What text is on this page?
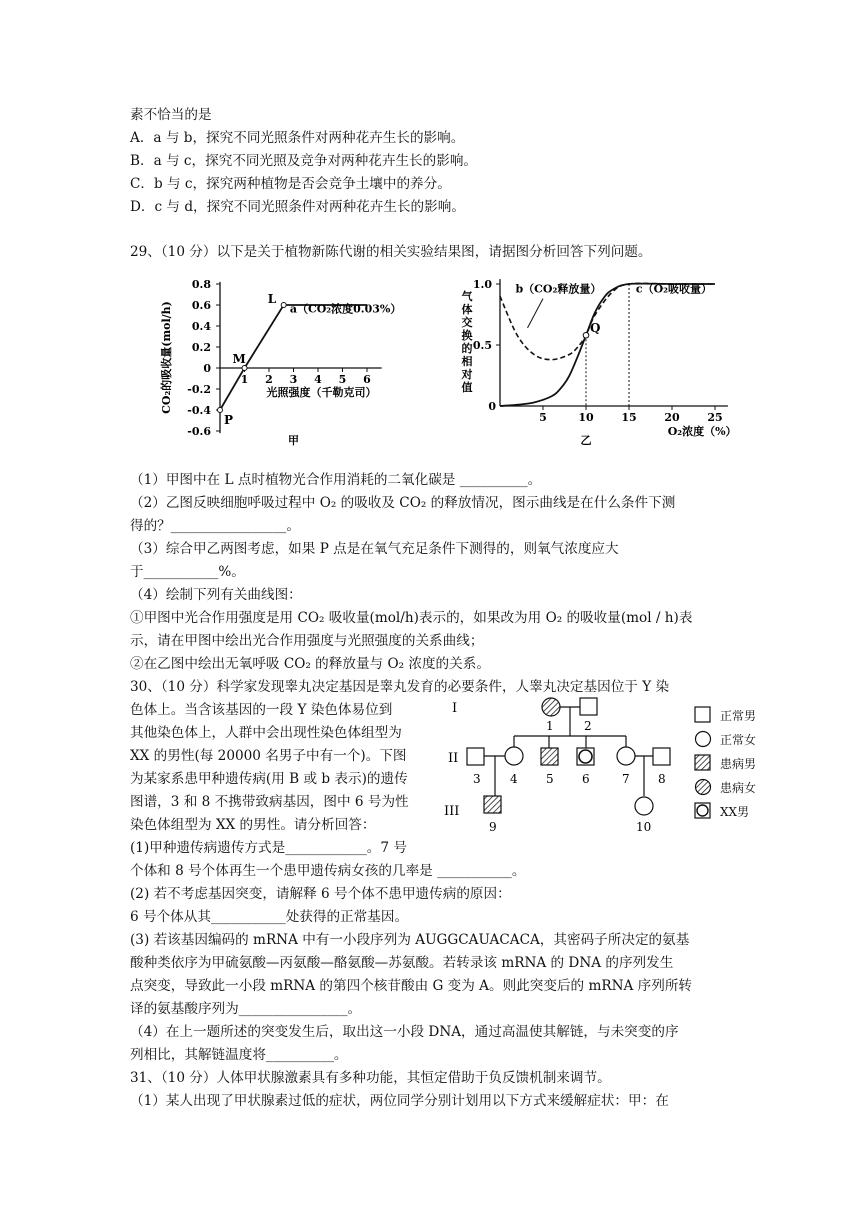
素不恰当的是
A．a 与 b，探究不同光照条件对两种花卉生长的影响。
B．a 与 c，探究不同光照及竞争对两种花卉生长的影响。
C．b 与 c，探究两种植物是否会竞争土壤中的养分。
D．c 与 d，探究不同光照条件对两种花卉生长的影响。
29、（10 分）以下是关于植物新陈代谢的相关实验结果图，请据图分析回答下列问题。
-0.6
-0.4
-0.2
0
0.2
0.4
0.6
0.8
1 2 3 4 5 6
光照强度（千勒克司）
CO₂的吸收量(mol/h)	a（CO₂浓度0.03%）
P
M
L
甲
0.5
1.0
0
5	10	15	20	25
O₂浓度（%）
气体交换的相对值
b（CO₂释放量）	c（O₂吸收量）
Q
乙
（1）甲图中在 L 点时植物光合作用消耗的二氧化碳是 __________。
（2）乙图反映细胞呼吸过程中 O₂ 的吸收及 CO₂ 的释放情况，图示曲线是在什么条件下测
得的？_________________。
（3）综合甲乙两图考虑，如果 P 点是在氧气充足条件下测得的，则氧气浓度应大
于___________%。
（4）绘制下列有关曲线图：
①甲图中光合作用强度是用 CO₂ 吸收量(mol/h)表示的，如果改为用 O₂ 的吸收量(mol / h)表
示，请在甲图中绘出光合作用强度与光照强度的关系曲线；
②在乙图中绘出无氧呼吸 CO₂ 的释放量与 O₂ 浓度的关系。
30、（10 分）科学家发现睾丸决定基因是睾丸发育的必要条件，人睾丸决定基因位于 Y 染
色体上。当含该基因的一段 Y 染色体易位到
其他染色体上，人群中会出现性染色体组型为
XX 的男性(每 20000 名男子中有一个)。下图
为某家系患甲种遗传病(用 B 或 b 表示)的遗传
图谱，3 和 8 不携带致病基因，图中 6 号为性
染色体组型为 XX 的男性。请分析回答：
(1)甲种遗传病遗传方式是____________。7 号
个体和 8 号个体再生一个患甲遗传病女孩的几率是 ___________。
(2) 若不考虑基因突变，请解释 6 号个体不患甲遗传病的原因：
6 号个体从其___________处获得的正常基因。
(3) 若该基因编码的 mRNA 中有一小段序列为 AUGGCAUACACA，其密码子所决定的氨基
酸种类依序为甲硫氨酸—丙氨酸—酪氨酸—苏氨酸。若转录该 mRNA 的 DNA 的序列发生
点突变，导致此一小段 mRNA 的第四个核苷酸由 G 变为 A。则此突变后的 mRNA 序列所转
译的氨基酸序列为________________。
（4）在上一题所述的突变发生后，取出这一小段 DNA，通过高温使其解链，与未突变的序
列相比，其解链温度将__________。
31、（10 分）人体甲状腺激素具有多种功能，其恒定借助于负反馈机制来调节。
（1）某人出现了甲状腺素过低的症状，两位同学分别计划用以下方式来缓解症状：甲：在
I
II
III
1	2
3 4 5 6	7 8
9	10
正常男
正常女
患病男
患病女
XX男
